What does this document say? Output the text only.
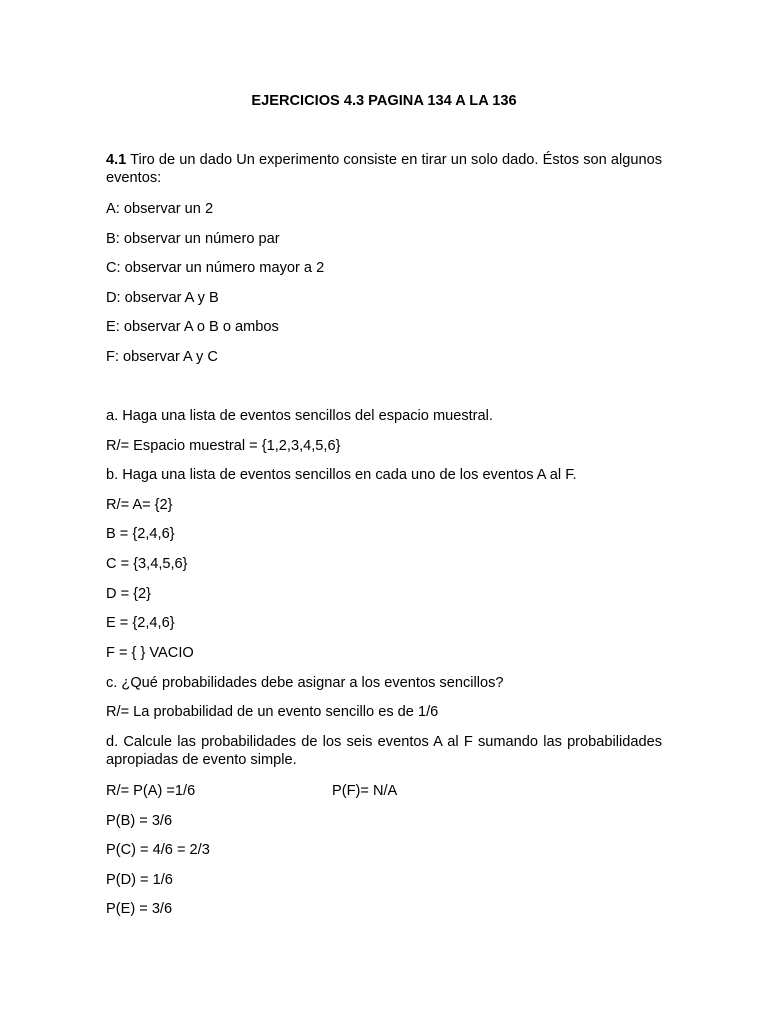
EJERCICIOS 4.3 PAGINA 134 A LA 136
4.1 Tiro de un dado Un experimento consiste en tirar un solo dado. Éstos son algunos eventos:
A: observar un 2
B: observar un número par
C: observar un número mayor a 2
D: observar A y B
E: observar A o B o ambos
F: observar A y C
a. Haga una lista de eventos sencillos del espacio muestral.
R/= Espacio muestral = {1,2,3,4,5,6}
b. Haga una lista de eventos sencillos en cada uno de los eventos A al F.
R/= A= {2}
B = {2,4,6}
C = {3,4,5,6}
D = {2}
E = {2,4,6}
F = { } VACIO
c. ¿Qué probabilidades debe asignar a los eventos sencillos?
R/= La probabilidad de un evento sencillo es de 1/6
d. Calcule las probabilidades de los seis eventos A al F sumando las probabilidades apropiadas de evento simple.
R/= P(A) =1/6	P(F)= N/A
P(B) = 3/6
P(C) = 4/6 = 2/3
P(D) = 1/6
P(E) = 3/6
